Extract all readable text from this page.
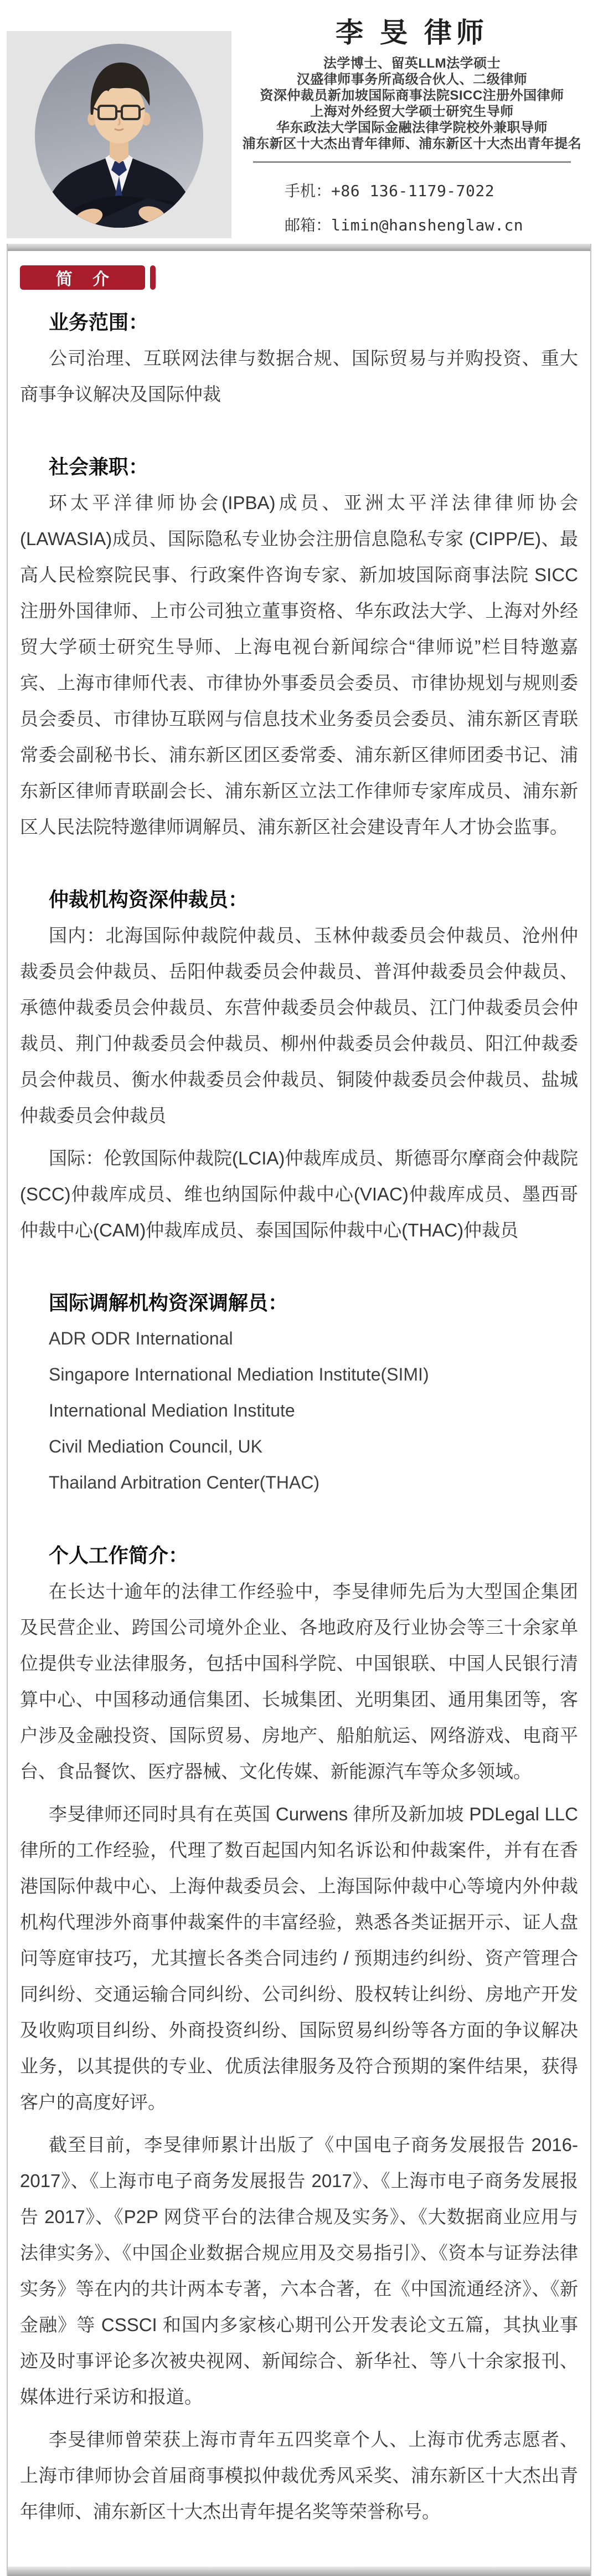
李 旻 律师
法学博士、留英LLM法学硕士
汉盛律师事务所高级合伙人、二级律师
资深仲裁员新加坡国际商事法院SICC注册外国律师
上海对外经贸大学硕士研究生导师
华东政法大学国际金融法律学院校外兼职导师
浦东新区十大杰出青年律师、浦东新区十大杰出青年提名
手机：+86 136-1179-7022
邮箱：limin@hanshenglaw.cn
简 介
业务范围：

公司治理、互联网法律与数据合规、国际贸易与并购投资、重大商事争议解决及国际仲裁

社会兼职：

环太平洋律师协会(IPBA)成员、亚洲太平洋法律律师协会(LAWASIA)成员、国际隐私专业协会注册信息隐私专家 (CIPP/E)、最高人民检察院民事、行政案件咨询专家、新加坡国际商事法院 SICC 注册外国律师、上市公司独立董事资格、华东政法大学、上海对外经贸大学硕士研究生导师、上海电视台新闻综合“律师说”栏目特邀嘉宾、上海市律师代表、市律协外事委员会委员、市律协规划与规则委员会委员、市律协互联网与信息技术业务委员会委员、浦东新区青联常委会副秘书长、浦东新区团区委常委、浦东新区律师团委书记、浦东新区律师青联副会长、浦东新区立法工作律师专家库成员、浦东新区人民法院特邀律师调解员、浦东新区社会建设青年人才协会监事。

仲裁机构资深仲裁员：

国内：北海国际仲裁院仲裁员、玉林仲裁委员会仲裁员、沧州仲裁委员会仲裁员、岳阳仲裁委员会仲裁员、普洱仲裁委员会仲裁员、承德仲裁委员会仲裁员、东营仲裁委员会仲裁员、江门仲裁委员会仲裁员、荆门仲裁委员会仲裁员、柳州仲裁委员会仲裁员、阳江仲裁委员会仲裁员、衡水仲裁委员会仲裁员、铜陵仲裁委员会仲裁员、盐城仲裁委员会仲裁员

国际：伦敦国际仲裁院(LCIA)仲裁库成员、斯德哥尔摩商会仲裁院(SCC)仲裁库成员、维也纳国际仲裁中心(VIAC)仲裁库成员、墨西哥仲裁中心(CAM)仲裁库成员、泰国国际仲裁中心(THAC)仲裁员

国际调解机构资深调解员：
ADR ODR International
Singapore International Mediation Institute(SIMI)
International Mediation Institute
Civil Mediation Council, UK
Thailand Arbitration Center(THAC)
个人工作简介：

在长达十逾年的法律工作经验中，李旻律师先后为大型国企集团及民营企业、跨国公司境外企业、各地政府及行业协会等三十余家单位提供专业法律服务，包括中国科学院、中国银联、中国人民银行清算中心、中国移动通信集团、长城集团、光明集团、通用集团等，客户涉及金融投资、国际贸易、房地产、船舶航运、网络游戏、电商平台、食品餐饮、医疗器械、文化传媒、新能源汽车等众多领域。

李旻律师还同时具有在英国 Curwens 律所及新加坡 PDLegal LLC 律所的工作经验，代理了数百起国内知名诉讼和仲裁案件，并有在香港国际仲裁中心、上海仲裁委员会、上海国际仲裁中心等境内外仲裁机构代理涉外商事仲裁案件的丰富经验，熟悉各类证据开示、证人盘问等庭审技巧，尤其擅长各类合同违约 / 预期违约纠纷、资产管理合同纠纷、交通运输合同纠纷、公司纠纷、股权转让纠纷、房地产开发及收购项目纠纷、外商投资纠纷、国际贸易纠纷等各方面的争议解决业务，以其提供的专业、优质法律服务及符合预期的案件结果，获得客户的高度好评。

截至目前，李旻律师累计出版了《中国电子商务发展报告 2016-2017》、《上海市电子商务发展报告 2017》、《上海市电子商务发展报告 2017》、《P2P 网贷平台的法律合规及实务》、《大数据商业应用与法律实务》、《中国企业数据合规应用及交易指引》、《资本与证券法律实务》等在内的共计两本专著，六本合著，在《中国流通经济》、《新金融》等 CSSCI 和国内多家核心期刊公开发表论文五篇，其执业事迹及时事评论多次被央视网、新闻综合、新华社、等八十余家报刊、媒体进行采访和报道。

李旻律师曾荣获上海市青年五四奖章个人、上海市优秀志愿者、上海市律师协会首届商事模拟仲裁优秀风采奖、浦东新区十大杰出青年律师、浦东新区十大杰出青年提名奖等荣誉称号。
